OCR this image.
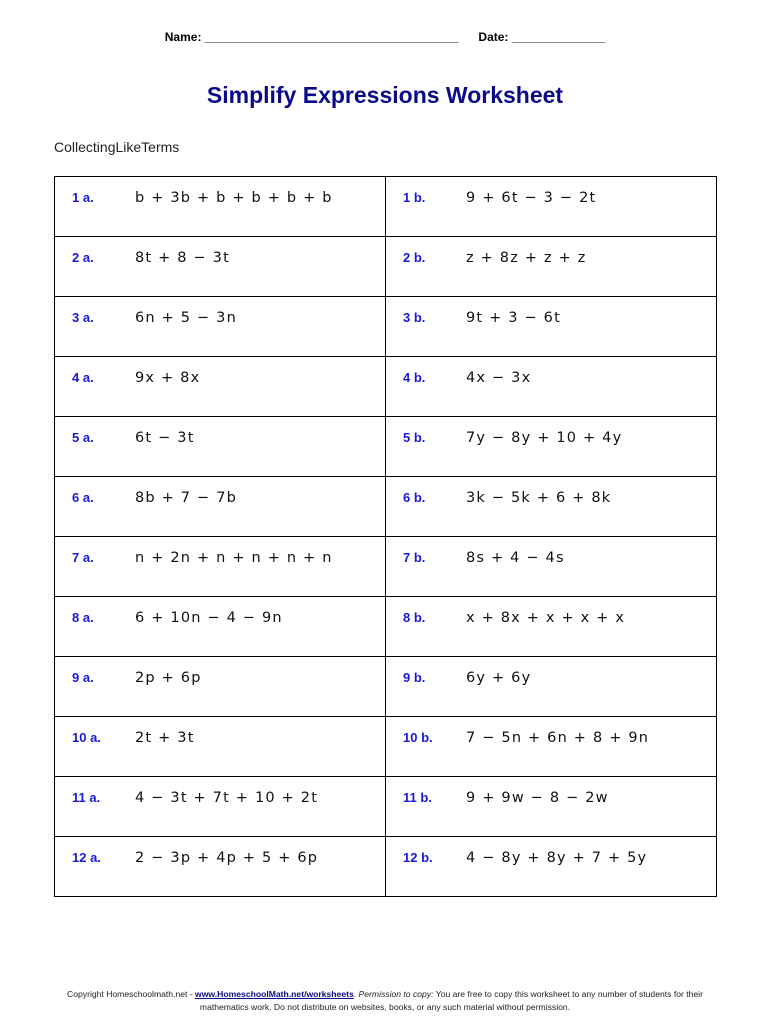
Name: ______________________________________ Date: ______________
Simplify Expressions Worksheet
CollectingLikeTerms
1 a. b + 3b + b + b + b + b	1 b. 9 + 6t − 3 − 2t

2 a. 8t + 8 − 3t	2 b. z + 8z + z + z

3 a. 6n + 5 − 3n	3 b. 9t + 3 − 6t

4 a. 9x + 8x	4 b. 4x − 3x

5 a. 6t − 3t	5 b. 7y − 8y + 10 + 4y

6 a. 8b + 7 − 7b	6 b. 3k − 5k + 6 + 8k

7 a. n + 2n + n + n + n + n	7 b. 8s + 4 − 4s

8 a. 6 + 10n − 4 − 9n	8 b. x + 8x + x + x + x

9 a. 2p + 6p	9 b. 6y + 6y

10 a. 2t + 3t	10 b. 7 − 5n + 6n + 8 + 9n

11 a. 4 − 3t + 7t + 10 + 2t	11 b. 9 + 9w − 8 − 2w

12 a. 2 − 3p + 4p + 5 + 6p	12 b. 4 − 8y + 8y + 7 + 5y
Copyright Homeschoolmath.net - www.HomeschoolMath.net/worksheets. Permission to copy: You are free to copy this worksheet to any number of students for their mathematics work. Do not distribute on websites, books, or any such material without permission.
